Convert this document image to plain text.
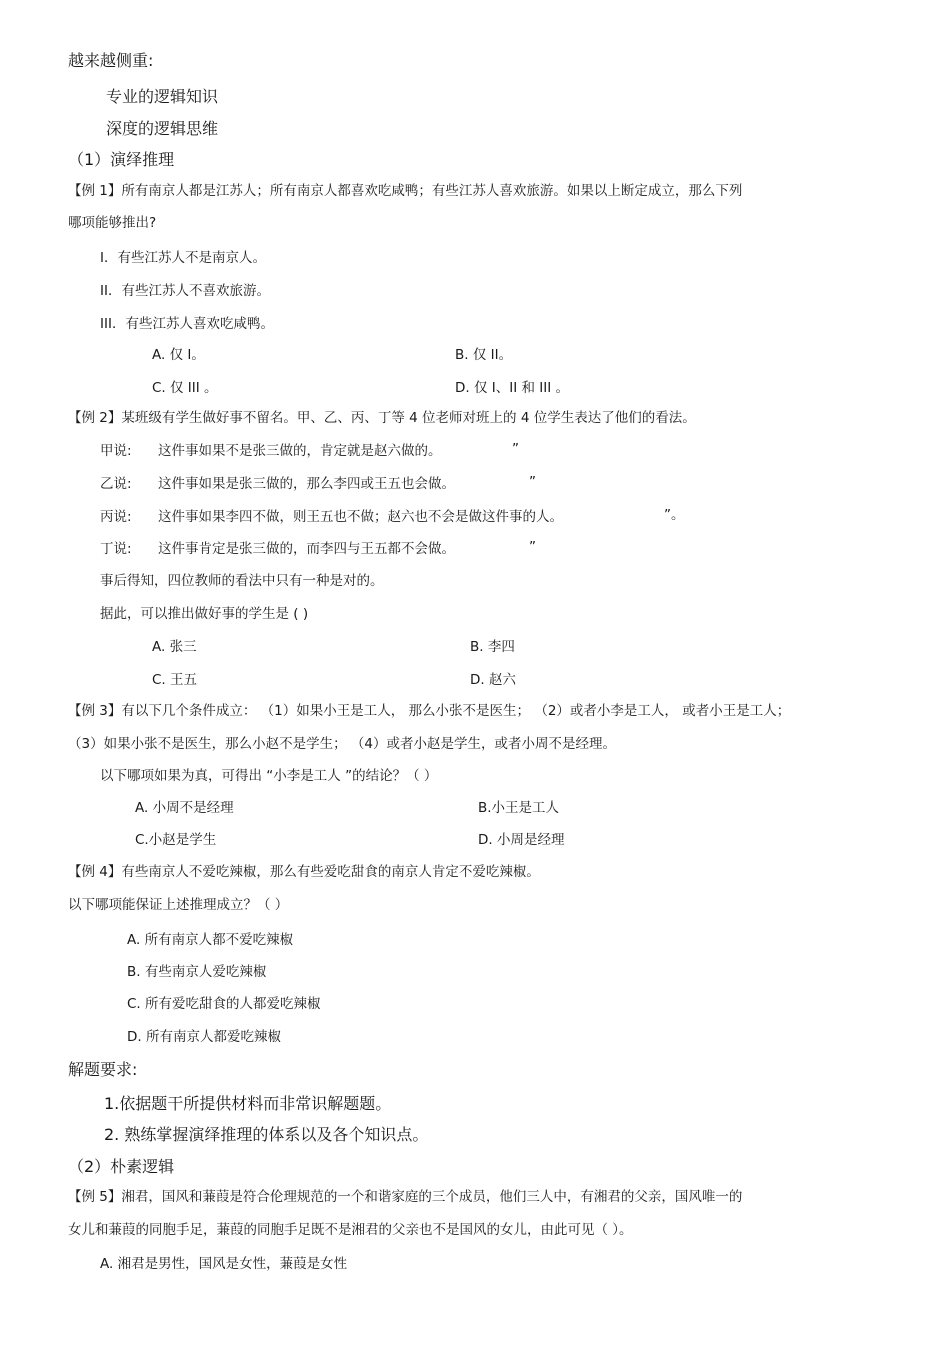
越来越侧重:
专业的逻辑知识
深度的逻辑思维
（1）演绎推理
【例 1】所有南京人都是江苏人；所有南京人都喜欢吃咸鸭；有些江苏人喜欢旅游。如果以上断定成立，那么下列
哪项能够推出?
I．有些江苏人不是南京人。
II．有些江苏人不喜欢旅游。
III．有些江苏人喜欢吃咸鸭。
A. 仅 I。	B. 仅 II。
C. 仅 III 。	D. 仅 I、II 和 III 。
【例 2】某班级有学生做好事不留名。甲、乙、丙、丁等 4 位老师对班上的 4 位学生表达了他们的看法。
甲说: 这件事如果不是张三做的，肯定就是赵六做的。	”
乙说: 这件事如果是张三做的，那么李四或王五也会做。	”
丙说: 这件事如果李四不做，则王五也不做；赵六也不会是做这件事的人。	”。
丁说: 这件事肯定是张三做的，而李四与王五都不会做。	”
事后得知，四位教师的看法中只有一种是对的。
据此，可以推出做好事的学生是 ( )
A. 张三	B. 李四
C. 王五	D. 赵六
【例 3】有以下几个条件成立： （1）如果小王是工人， 那么小张不是医生； （2）或者小李是工人， 或者小王是工人；
（3）如果小张不是医生，那么小赵不是学生； （4）或者小赵是学生，或者小周不是经理。
以下哪项如果为真，可得出 “小李是工人 ”的结论？（ ）
A. 小周不是经理	B.小王是工人
C.小赵是学生	D. 小周是经理
【例 4】有些南京人不爱吃辣椒，那么有些爱吃甜食的南京人肯定不爱吃辣椒。
以下哪项能保证上述推理成立？（ ）
A. 所有南京人都不爱吃辣椒
B. 有些南京人爱吃辣椒
C. 所有爱吃甜食的人都爱吃辣椒
D. 所有南京人都爱吃辣椒
解题要求:
1.依据题干所提供材料而非常识解题题。
2. 熟练掌握演绎推理的体系以及各个知识点。
（2）朴素逻辑
【例 5】湘君，国风和蒹葭是符合伦理规范的一个和谐家庭的三个成员，他们三人中，有湘君的父亲，国风唯一的
女儿和蒹葭的同胞手足，蒹葭的同胞手足既不是湘君的父亲也不是国风的女儿，由此可见（ ）。
A. 湘君是男性，国风是女性，蒹葭是女性
